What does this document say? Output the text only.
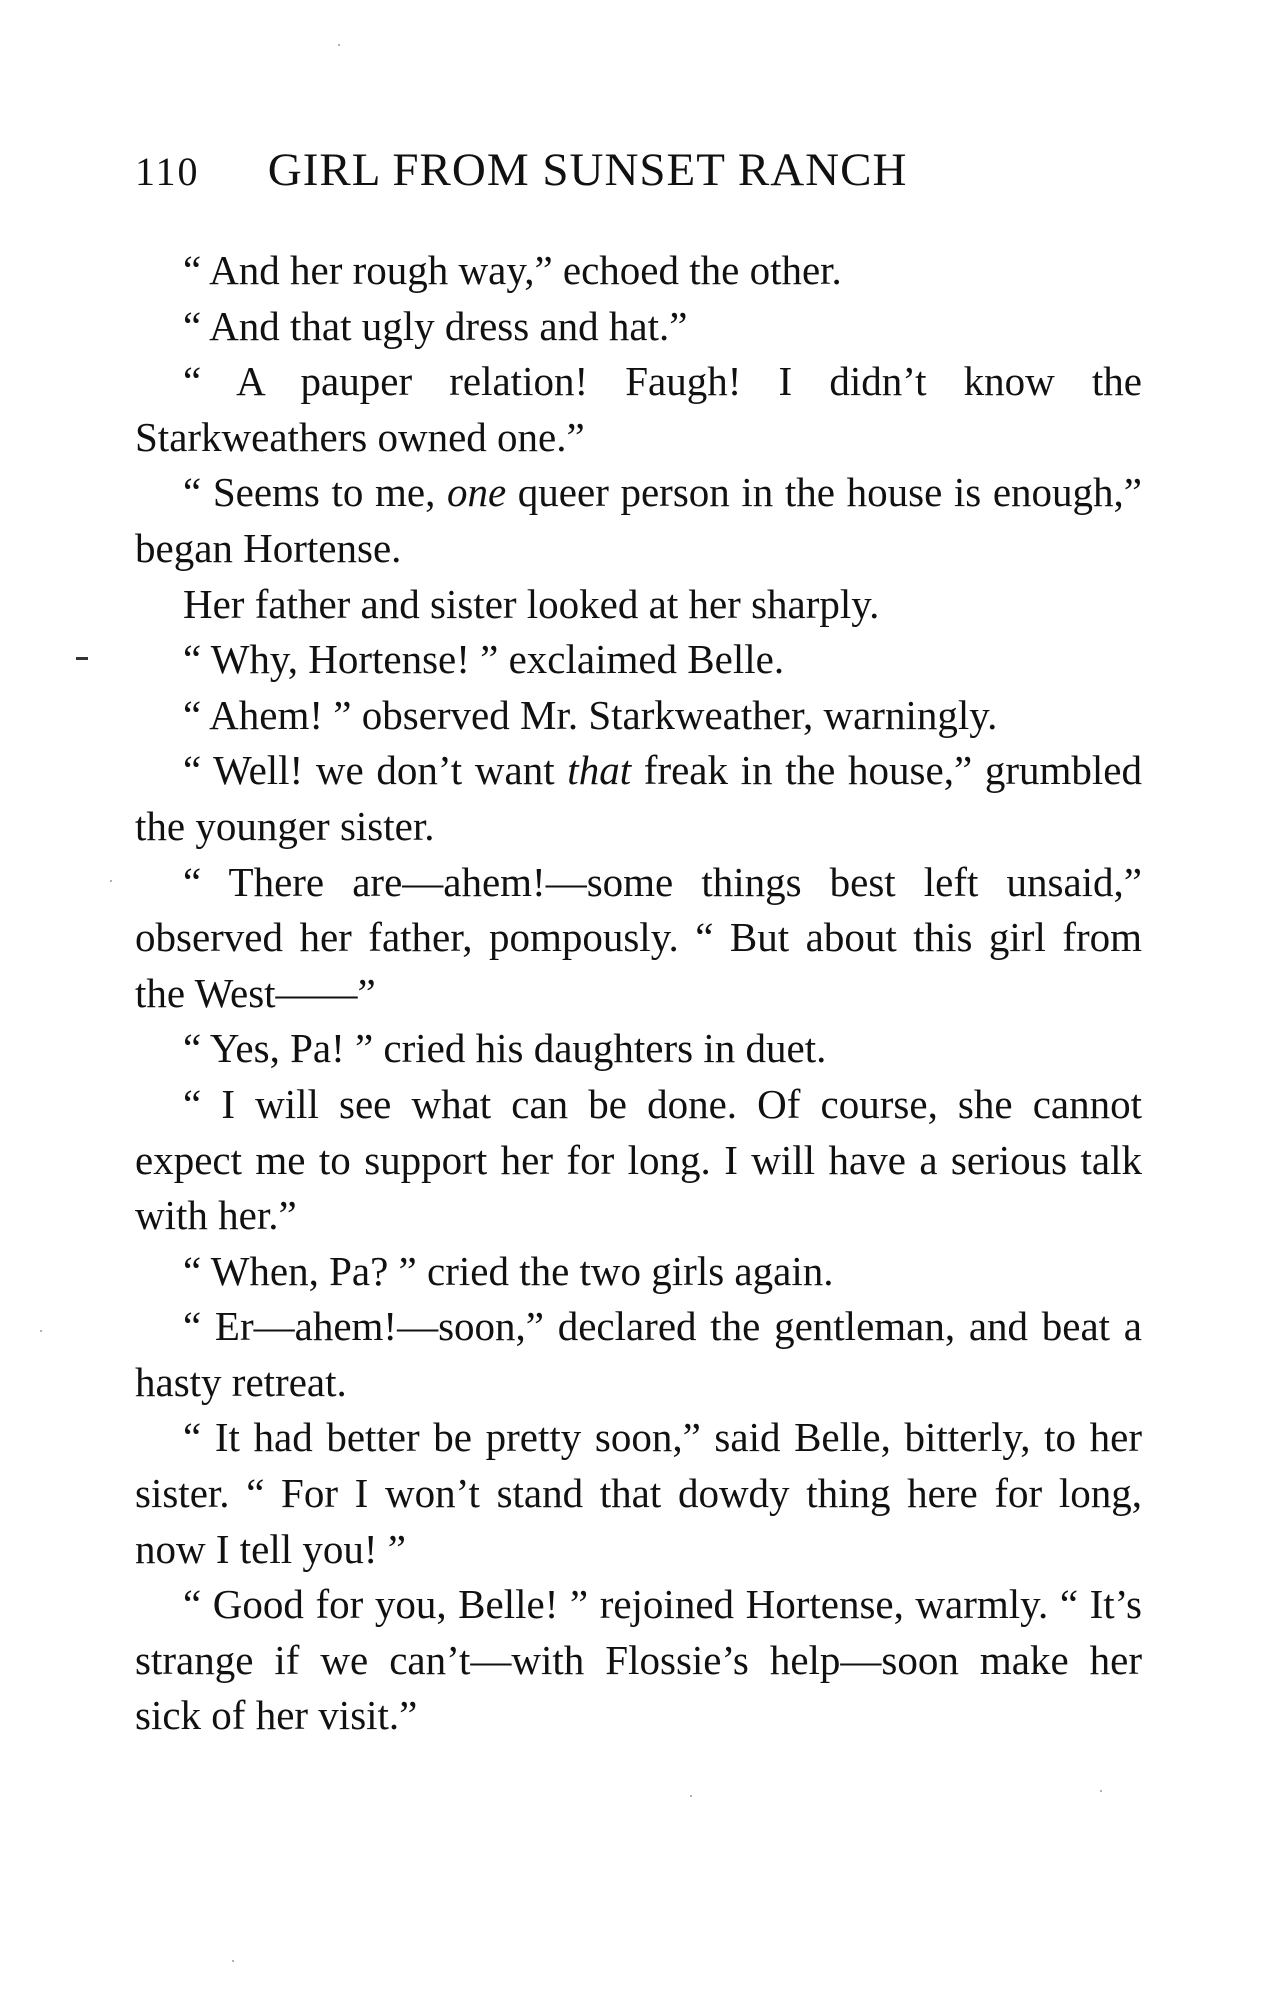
110 GIRL FROM SUNSET RANCH

“ And her rough way,” echoed the other.

“ And that ugly dress and hat.”

“ A pauper relation! Faugh! I didn’t know the Starkweathers owned one.”

“ Seems to me, one queer person in the house is enough,” began Hortense.

Her father and sister looked at her sharply.

“ Why, Hortense! ” exclaimed Belle.

“ Ahem! ” observed Mr. Starkweather, warningly.

“ Well! we don’t want that freak in the house,” grumbled the younger sister.

“ There are—ahem!—some things best left unsaid,” observed her father, pompously. “ But about this girl from the West——”

“ Yes, Pa! ” cried his daughters in duet.

“ I will see what can be done. Of course, she cannot expect me to support her for long. I will have a serious talk with her.”

“ When, Pa? ” cried the two girls again.

“ Er—ahem!—soon,” declared the gentleman, and beat a hasty retreat.

“ It had better be pretty soon,” said Belle, bitterly, to her sister. “ For I won’t stand that dowdy thing here for long, now I tell you! ”

“ Good for you, Belle! ” rejoined Hortense, warmly. “ It’s strange if we can’t—with Flossie’s help—soon make her sick of her visit.”
